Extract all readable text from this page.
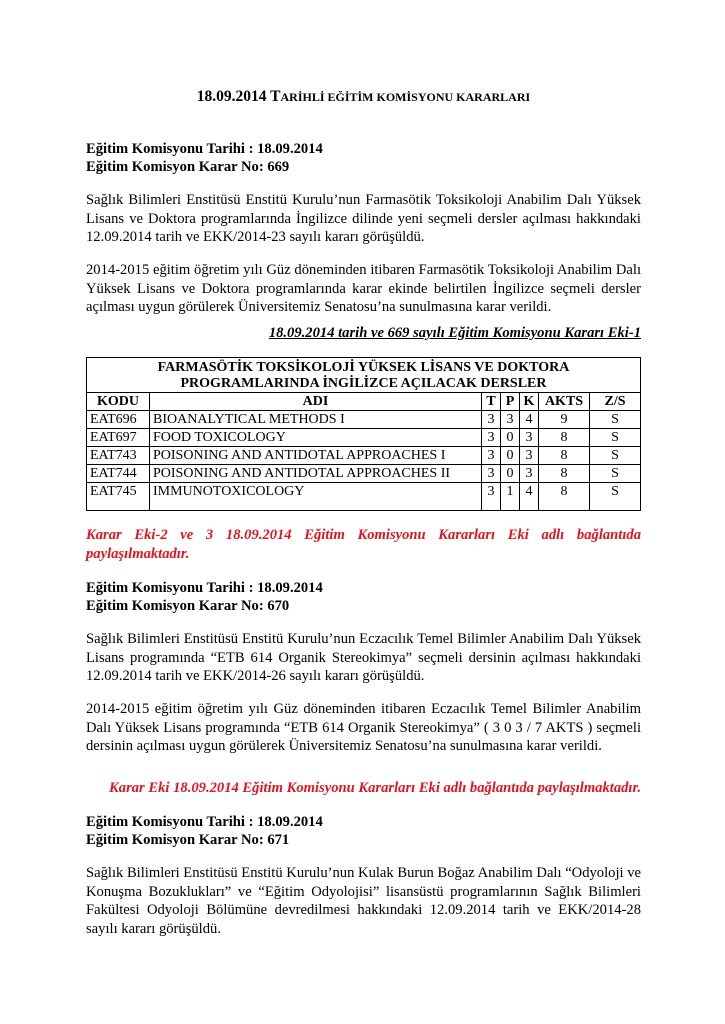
18.09.2014 TARİHLİ EĞİTİM KOMİSYONU KARARLARI
Eğitim Komisyonu Tarihi : 18.09.2014
Eğitim Komisyon Karar No: 669
Sağlık Bilimleri Enstitüsü Enstitü Kurulu’nun Farmasötik Toksikoloji Anabilim Dalı Yüksek Lisans ve Doktora programlarında İngilizce dilinde yeni seçmeli dersler açılması hakkındaki 12.09.2014 tarih ve EKK/2014-23 sayılı kararı görüşüldü.
2014-2015 eğitim öğretim yılı Güz döneminden itibaren Farmasötik Toksikoloji Anabilim Dalı Yüksek Lisans ve Doktora programlarında karar ekinde belirtilen İngilizce seçmeli dersler açılması uygun görülerek Üniversitemiz Senatosu’na sunulmasına karar verildi.
18.09.2014 tarih ve 669 sayılı Eğitim Komisyonu Kararı Eki-1
FARMASÖTİK TOKSİKOLOJİ YÜKSEK LİSANS VE DOKTORA
PROGRAMLARINDA İNGİLİZCE AÇILACAK DERSLER						

KODU	ADI	T	P	K	AKTS	Z/S
EAT696	BIOANALYTICAL METHODS I	3	3	4	9	S
EAT697	FOOD TOXICOLOGY	3	0	3	8	S
EAT743	POISONING AND ANTIDOTAL APPROACHES I	3	0	3	8	S
EAT744	POISONING AND ANTIDOTAL APPROACHES II	3	0	3	8	S
EAT745	IMMUNOTOXICOLOGY	3	1	4	8	S
Karar Eki-2 ve 3 18.09.2014 Eğitim Komisyonu Kararları Eki adlı bağlantıda paylaşılmaktadır.
Eğitim Komisyonu Tarihi : 18.09.2014
Eğitim Komisyon Karar No: 670
Sağlık Bilimleri Enstitüsü Enstitü Kurulu’nun Eczacılık Temel Bilimler Anabilim Dalı Yüksek Lisans programında “ETB 614 Organik Stereokimya” seçmeli dersinin açılması hakkındaki 12.09.2014 tarih ve EKK/2014-26 sayılı kararı görüşüldü.
2014-2015 eğitim öğretim yılı Güz döneminden itibaren Eczacılık Temel Bilimler Anabilim Dalı Yüksek Lisans programında “ETB 614 Organik Stereokimya” ( 3 0 3 / 7 AKTS ) seçmeli dersinin açılması uygun görülerek Üniversitemiz Senatosu’na sunulmasına karar verildi.
Karar Eki 18.09.2014 Eğitim Komisyonu Kararları Eki adlı bağlantıda paylaşılmaktadır.
Eğitim Komisyonu Tarihi : 18.09.2014
Eğitim Komisyon Karar No: 671
Sağlık Bilimleri Enstitüsü Enstitü Kurulu’nun Kulak Burun Boğaz Anabilim Dalı “Odyoloji ve Konuşma Bozuklukları” ve “Eğitim Odyolojisi” lisansüstü programlarının Sağlık Bilimleri Fakültesi Odyoloji Bölümüne devredilmesi hakkındaki 12.09.2014 tarih ve EKK/2014-28 sayılı kararı görüşüldü.
